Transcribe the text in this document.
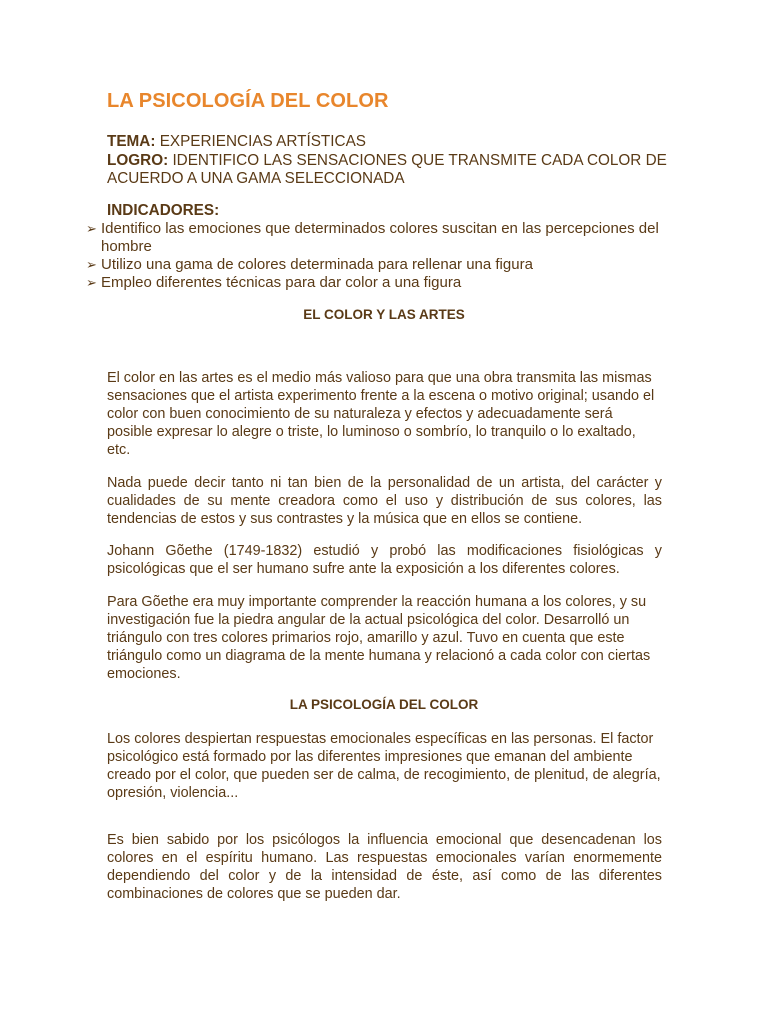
LA PSICOLOGÍA DEL COLOR
TEMA: EXPERIENCIAS ARTÍSTICAS
LOGRO: IDENTIFICO LAS SENSACIONES QUE TRANSMITE CADA COLOR DE ACUERDO A UNA GAMA SELECCIONADA
INDICADORES:
➢ Identifico las emociones que determinados colores suscitan en las percepciones del hombre
➢ Utilizo una gama de colores determinada para rellenar una figura
➢ Empleo diferentes técnicas para dar color a una figura
EL COLOR Y LAS ARTES

El color en las artes es el medio más valioso para que una obra transmita las mismas sensaciones que el artista experimento frente a la escena o motivo original; usando el color con buen conocimiento de su naturaleza y efectos y adecuadamente será posible expresar lo alegre o triste, lo luminoso o sombrío, lo tranquilo o lo exaltado, etc.

Nada puede decir tanto ni tan bien de la personalidad de un artista, del carácter y cualidades de su mente creadora como el uso y distribución de sus colores, las tendencias de estos y sus contrastes y la música que en ellos se contiene.

Johann Gõethe (1749-1832) estudió y probó las modificaciones fisiológicas y psicológicas que el ser humano sufre ante la exposición a los diferentes colores.

Para Gõethe era muy importante comprender la reacción humana a los colores, y su investigación fue la piedra angular de la actual psicológica del color. Desarrolló un triángulo con tres colores primarios rojo, amarillo y azul. Tuvo en cuenta que este triángulo como un diagrama de la mente humana y relacionó a cada color con ciertas emociones.

LA PSICOLOGÍA DEL COLOR

Los colores despiertan respuestas emocionales específicas en las personas. El factor psicológico está formado por las diferentes impresiones que emanan del ambiente creado por el color, que pueden ser de calma, de recogimiento, de plenitud, de alegría, opresión, violencia...

Es bien sabido por los psicólogos la influencia emocional que desencadenan los colores en el espíritu humano. Las respuestas emocionales varían enormemente dependiendo del color y de la intensidad de éste, así como de las diferentes combinaciones de colores que se pueden dar.
